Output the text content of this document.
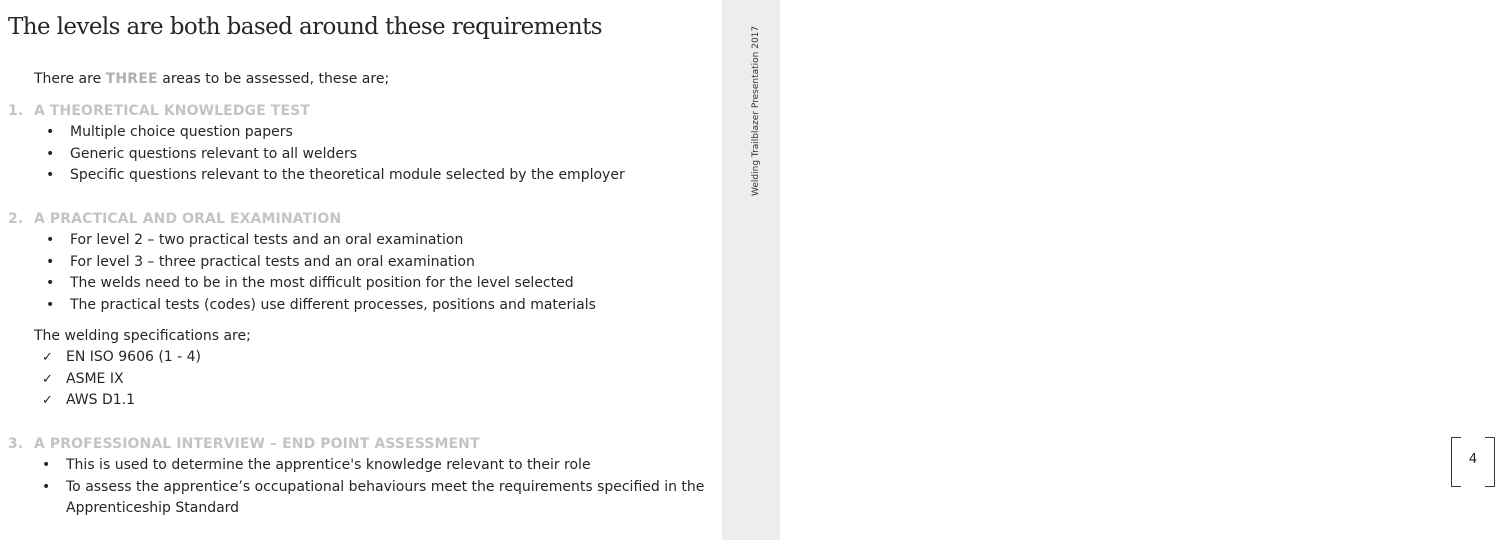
The levels are both based around these requirements	Welding Trailblazer Presentation 2017
4
There are THREE areas to be assessed, these are;
1. A THEORETICAL KNOWLEDGE TEST
• Multiple choice question papers
• Generic questions relevant to all welders
• Specific questions relevant to the theoretical module selected by the employer
2. A PRACTICAL AND ORAL EXAMINATION
• For level 2 – two practical tests and an oral examination
• For level 3 – three practical tests and an oral examination
• The welds need to be in the most difficult position for the level selected
• The practical tests (codes) use different processes, positions and materials
The welding specifications are;
✓ EN ISO 9606 (1 - 4)
✓ ASME IX
✓ AWS D1.1
3. A PROFESSIONAL INTERVIEW – END POINT ASSESSMENT
• This is used to determine the apprentice's knowledge relevant to their role
• To assess the apprentice’s occupational behaviours meet the requirements specified in the Apprenticeship Standard
